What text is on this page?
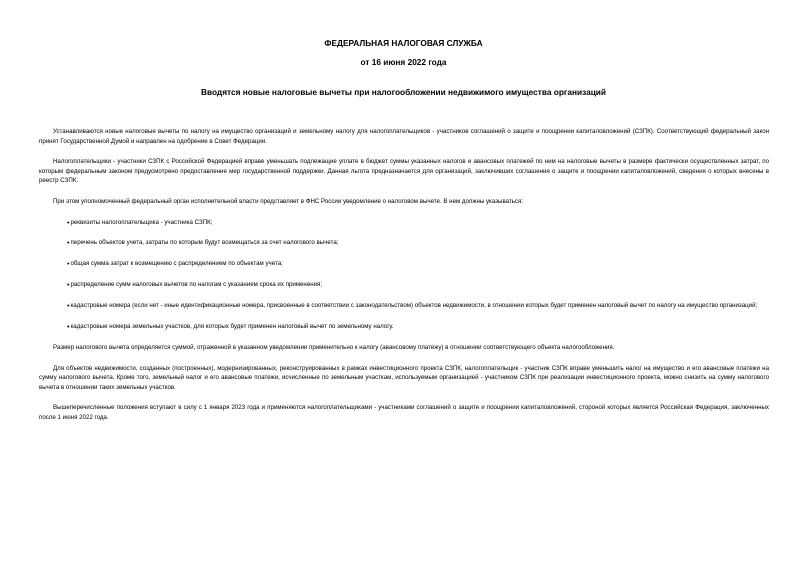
ФЕДЕРАЛЬНАЯ НАЛОГОВАЯ СЛУЖБА
от 16 июня 2022 года
Вводятся новые налоговые вычеты при налогообложении недвижимого имущества организаций

Устанавливаются новые налоговые вычеты по налогу на имущество организаций и земельному налогу для налогоплательщиков - участников соглашений о защите и поощрении капиталовложений (СЗПК). Соответствующий федеральный закон принят Государственной Думой и направлен на одобрение в Совет Федерации.

Налогоплательщики - участники СЗПК с Российской Федерацией вправе уменьшать подлежащие уплате в бюджет суммы указанных налогов и авансовых платежей по ним на налоговые вычеты в размере фактически осуществленных затрат, по которым федеральным законом предусмотрено предоставление мер государственной поддержки. Данная льгота предназначается для организаций, заключивших соглашения о защите и поощрении капиталовложений, сведения о которых внесены в реестр СЗПК.

При этом уполномоченный федеральный орган исполнительной власти представляет в ФНС России уведомление о налоговом вычете. В нем должны указываться:

•реквизиты налогоплательщика - участника СЗПК;

•перечень объектов учета, затраты по которым будут возмещаться за счет налогового вычета;

•общая сумма затрат к возмещению с распределением по объектам учета;

•распределение сумм налоговых вычетов по налогам с указанием срока их применения;

•кадастровые номера (если нет - иные идентификационные номера, присвоенные в соответствии с законодательством) объектов недвижимости, в отношении которых будет применен налоговый вычет по налогу на имущество организаций;

•кадастровые номера земельных участков, для которых будет применен налоговый вычет по земельному налогу.

Размер налогового вычета определяется суммой, отраженной в указанном уведомлении применительно к налогу (авансовому платежу) в отношении соответствующего объекта налогообложения.

Для объектов недвижимости, созданных (построенных), модернизированных, реконструированных в рамках инвестиционного проекта СЗПК, налогоплательщик - участник СЗПК вправе уменьшить налог на имущество и его авансовые платежи на сумму налогового вычета. Кроме того, земельный налог и его авансовые платежи, исчисленные по земельным участкам, используемым организацией - участником СЗПК при реализации инвестиционного проекта, можно снизить на сумму налогового вычета в отношении таких земельных участков.

Вышеперечисленные положения вступают в силу с 1 января 2023 года и применяются налогоплательщиками - участниками соглашений о защите и поощрении капиталовложений, стороной которых является Российская Федерация, заключенных после 1 июня 2022 года.
